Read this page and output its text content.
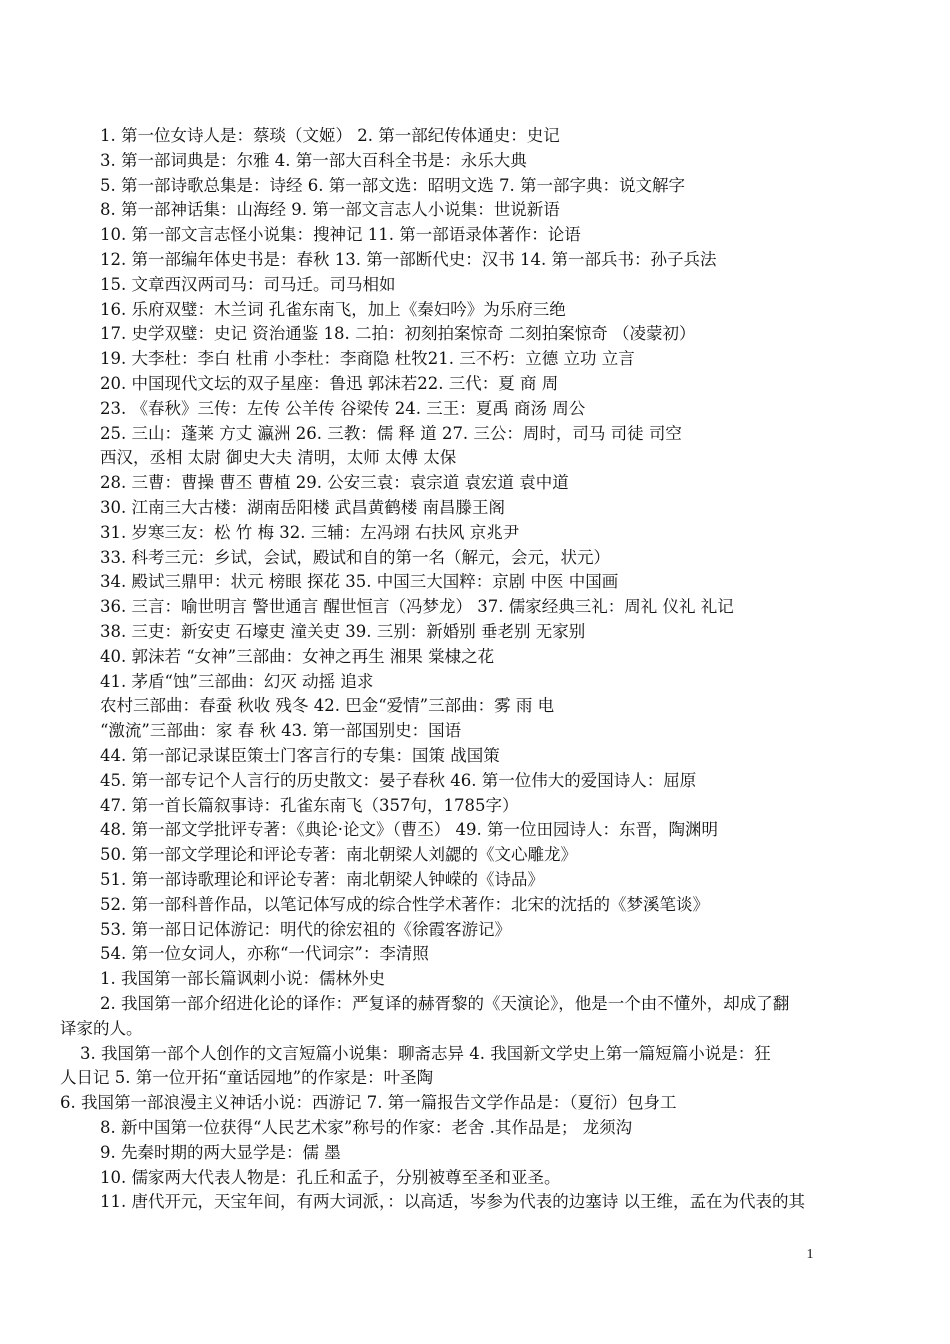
1. 第一位女诗人是：蔡琰（文姬） 2. 第一部纪传体通史：史记
3. 第一部词典是：尔雅 4. 第一部大百科全书是：永乐大典
5. 第一部诗歌总集是：诗经 6. 第一部文选：昭明文选 7. 第一部字典：说文解字
8. 第一部神话集：山海经 9. 第一部文言志人小说集：世说新语
10. 第一部文言志怪小说集：搜神记 11. 第一部语录体著作：论语
12. 第一部编年体史书是：春秋 13. 第一部断代史：汉书 14. 第一部兵书：孙子兵法
15. 文章西汉两司马：司马迁。司马相如
16. 乐府双璧：木兰词 孔雀东南飞，加上《秦妇吟》为乐府三绝
17. 史学双璧：史记 资治通鉴 18. 二拍：初刻拍案惊奇 二刻拍案惊奇 （凌蒙初）
19. 大李杜：李白 杜甫 小李杜：李商隐 杜牧21. 三不朽：立德 立功 立言
20. 中国现代文坛的双子星座：鲁迅 郭沫若22. 三代：夏 商 周
23. 《春秋》三传：左传 公羊传 谷梁传 24. 三王：夏禹 商汤 周公
25. 三山：蓬莱 方丈 瀛洲 26. 三教：儒 释 道 27. 三公：周时，司马 司徒 司空
西汉，丞相 太尉 御史大夫 清明，太师 太傅 太保
28. 三曹：曹操 曹丕 曹植 29. 公安三袁：袁宗道 袁宏道 袁中道
30. 江南三大古楼：湖南岳阳楼 武昌黄鹤楼 南昌滕王阁
31. 岁寒三友：松 竹 梅 32. 三辅：左冯翊 右扶风 京兆尹
33. 科考三元：乡试，会试，殿试和自的第一名（解元，会元，状元）
34. 殿试三鼎甲：状元 榜眼 探花 35. 中国三大国粹：京剧 中医 中国画
36. 三言：喻世明言 警世通言 醒世恒言（冯梦龙） 37. 儒家经典三礼：周礼 仪礼 礼记
38. 三吏：新安吏 石壕吏 潼关吏 39. 三别：新婚别 垂老别 无家别
40. 郭沫若 “女神”三部曲：女神之再生 湘果 棠棣之花
41. 茅盾“蚀”三部曲：幻灭 动摇 追求
农村三部曲：春蚕 秋收 残冬 42. 巴金“爱情”三部曲：雾 雨 电
“激流”三部曲：家 春 秋 43. 第一部国别史：国语
44. 第一部记录谋臣策士门客言行的专集：国策 战国策
45. 第一部专记个人言行的历史散文：晏子春秋 46. 第一位伟大的爱国诗人：屈原
47. 第一首长篇叙事诗：孔雀东南飞（357句，1785字）
48. 第一部文学批评专著：《典论·论文》（曹丕） 49. 第一位田园诗人：东晋，陶渊明
50. 第一部文学理论和评论专著：南北朝梁人刘勰的《文心雕龙》
51. 第一部诗歌理论和评论专著：南北朝梁人钟嵘的《诗品》
52. 第一部科普作品，以笔记体写成的综合性学术著作：北宋的沈括的《梦溪笔谈》
53. 第一部日记体游记：明代的徐宏祖的《徐霞客游记》
54. 第一位女词人，亦称“一代词宗”：李清照
1. 我国第一部长篇讽刺小说：儒林外史
2. 我国第一部介绍进化论的译作：严复译的赫胥黎的《天演论》，他是一个由不懂外，却成了翻
译家的人。
3. 我国第一部个人创作的文言短篇小说集：聊斋志异 4. 我国新文学史上第一篇短篇小说是：狂
人日记 5. 第一位开拓“童话园地”的作家是：叶圣陶
6. 我国第一部浪漫主义神话小说：西游记 7. 第一篇报告文学作品是：（夏衍）包身工
8. 新中国第一位获得“人民艺术家”称号的作家：老舍 .其作品是； 龙须沟
9. 先秦时期的两大显学是：儒 墨
10. 儒家两大代表人物是：孔丘和孟子，分别被尊至圣和亚圣。
11. 唐代开元，天宝年间，有两大词派，：以高适，岑参为代表的边塞诗 以王维，孟在为代表的其
1
